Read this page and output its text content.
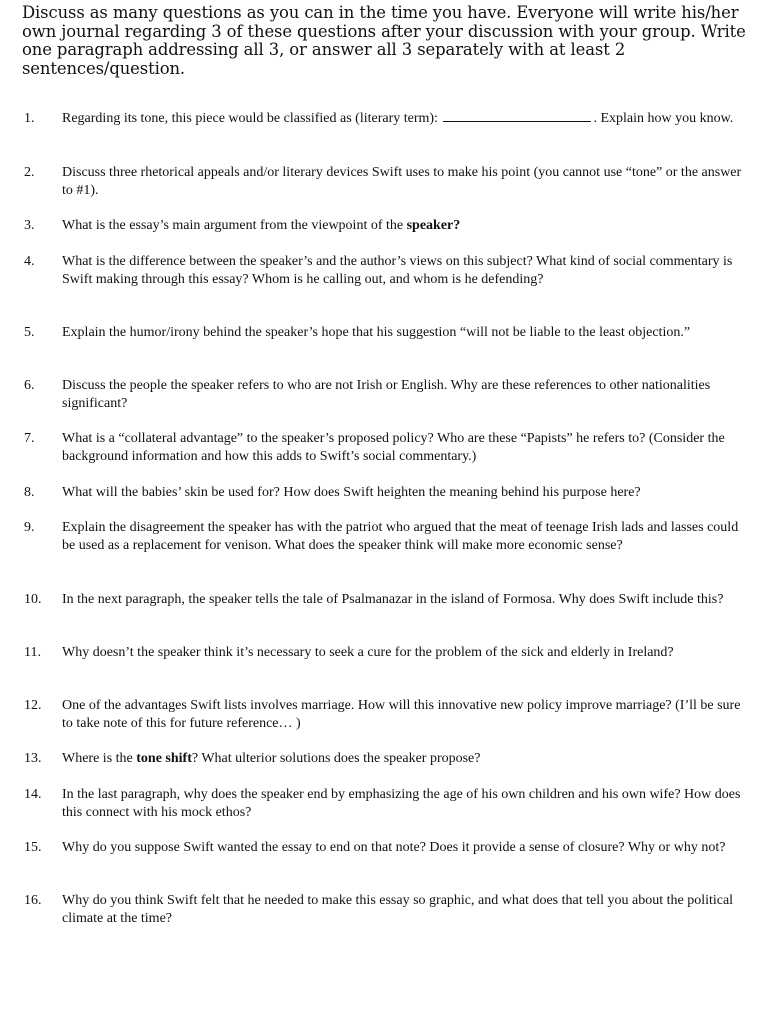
Discuss as many questions as you can in the time you have. Everyone will write his/her own journal regarding 3 of these questions after your discussion with your group. Write one paragraph addressing all 3, or answer all 3 separately with at least 2 sentences/question.
1. Regarding its tone, this piece would be classified as (literary term):	. Explain how you know.
2. Discuss three rhetorical appeals and/or literary devices Swift uses to make his point (you cannot use “tone” or the answer to #1).
3. What is the essay’s main argument from the viewpoint of the speaker?
4. What is the difference between the speaker’s and the author’s views on this subject? What kind of social commentary is Swift making through this essay? Whom is he calling out, and whom is he defending?
5. Explain the humor/irony behind the speaker’s hope that his suggestion “will not be liable to the least objection.”
6. Discuss the people the speaker refers to who are not Irish or English. Why are these references to other nationalities significant?
7. What is a “collateral advantage” to the speaker’s proposed policy? Who are these “Papists” he refers to? (Consider the background information and how this adds to Swift’s social commentary.)
8. What will the babies’ skin be used for? How does Swift heighten the meaning behind his purpose here?
9. Explain the disagreement the speaker has with the patriot who argued that the meat of teenage Irish lads and lasses could be used as a replacement for venison. What does the speaker think will make more economic sense?
10. In the next paragraph, the speaker tells the tale of Psalmanazar in the island of Formosa. Why does Swift include this?
11. Why doesn’t the speaker think it’s necessary to seek a cure for the problem of the sick and elderly in Ireland?
12. One of the advantages Swift lists involves marriage. How will this innovative new policy improve marriage? (I’ll be sure to take note of this for future reference… )
13. Where is the tone shift? What ulterior solutions does the speaker propose?
14. In the last paragraph, why does the speaker end by emphasizing the age of his own children and his own wife? How does this connect with his mock ethos?
15. Why do you suppose Swift wanted the essay to end on that note? Does it provide a sense of closure? Why or why not?
16. Why do you think Swift felt that he needed to make this essay so graphic, and what does that tell you about the political climate at the time?
